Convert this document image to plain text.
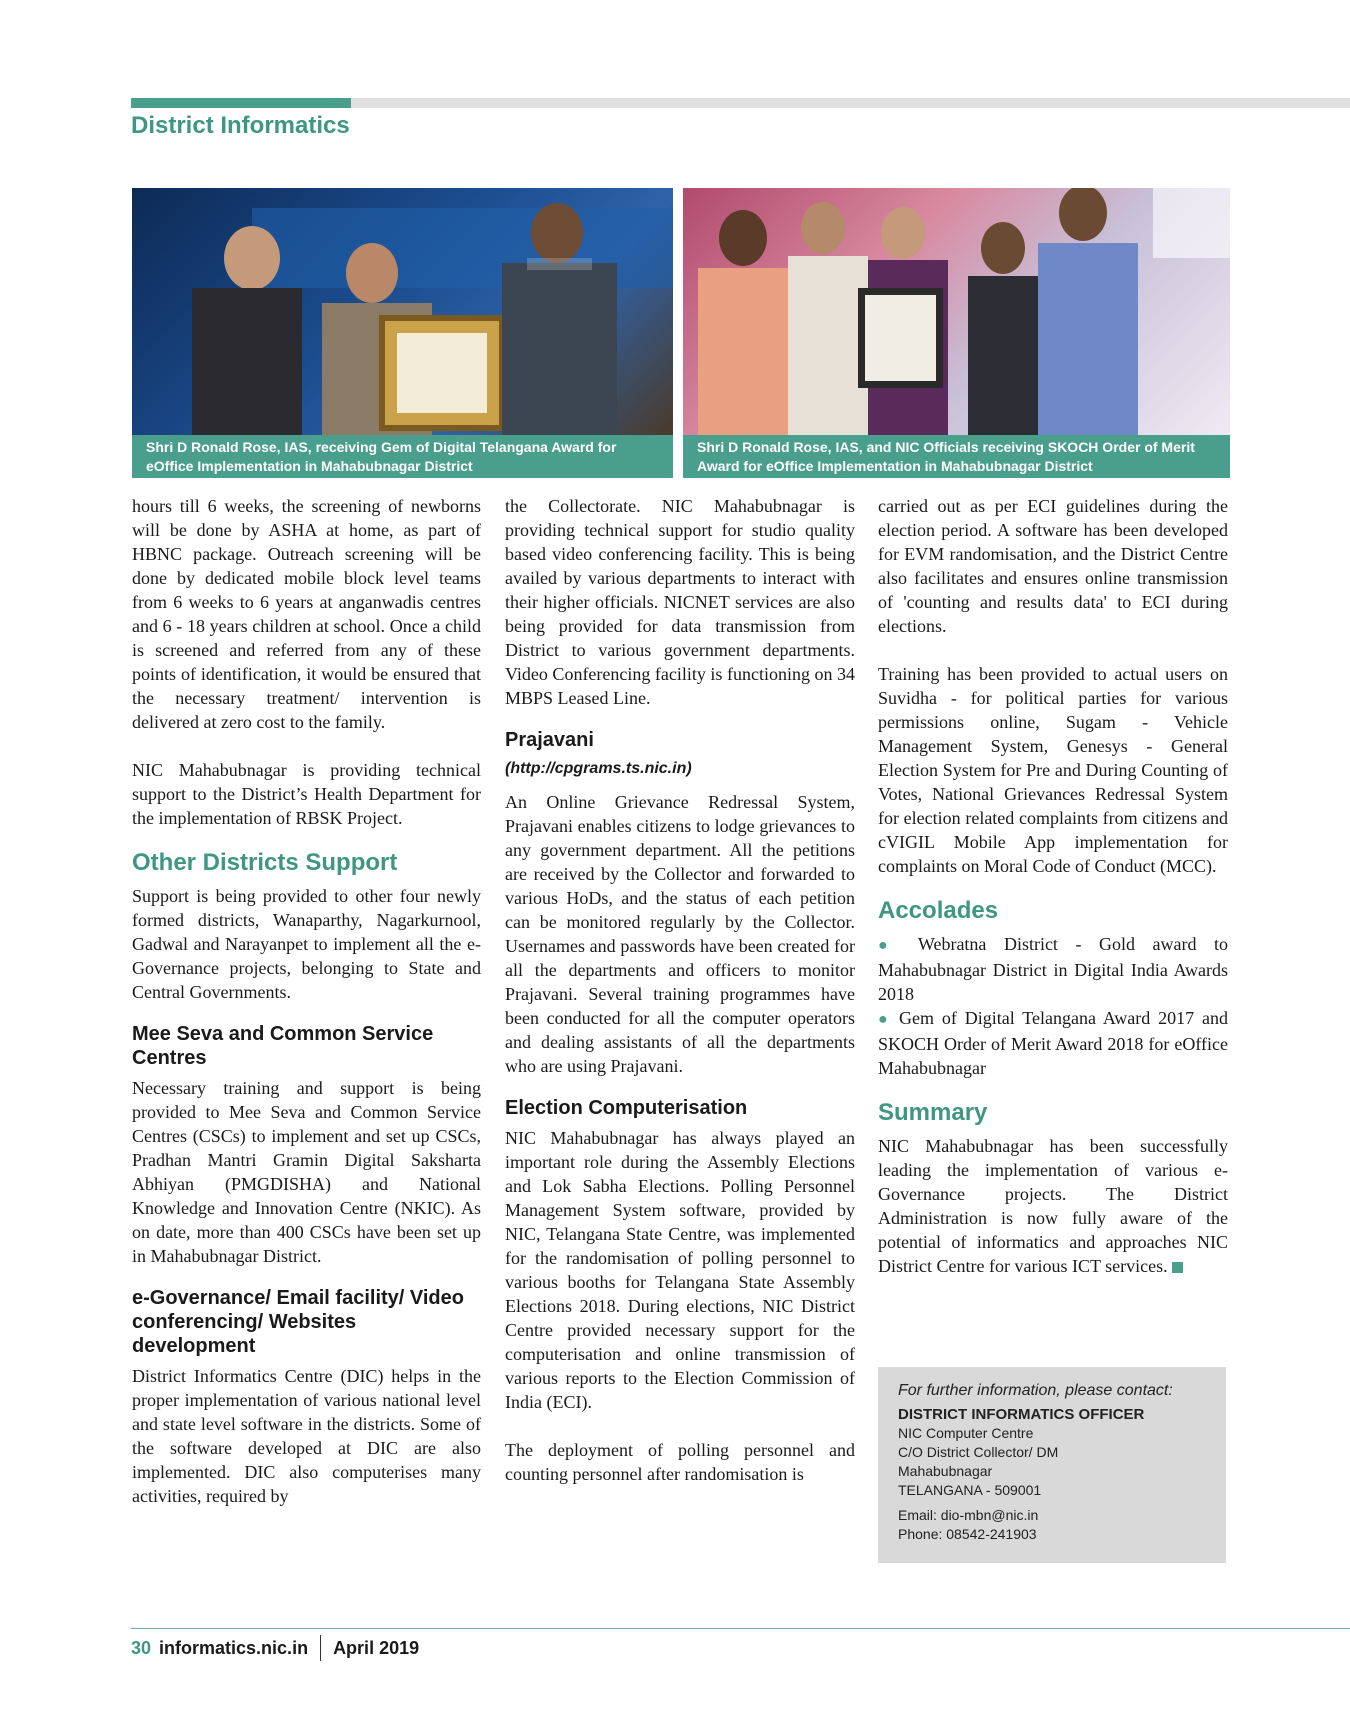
District Informatics
Shri D Ronald Rose, IAS, receiving Gem of Digital Telangana Award for eOffice Implementation in Mahabubnagar District
Shri D Ronald Rose, IAS, and NIC Officials receiving SKOCH Order of Merit Award for eOffice Implementation in Mahabubnagar District

hours till 6 weeks, the screening of newborns will be done by ASHA at home, as part of HBNC package. Outreach screening will be done by dedicated mobile block level teams from 6 weeks to 6 years at anganwadis centres and 6 - 18 years children at school. Once a child is screened and referred from any of these points of identification, it would be ensured that the necessary treatment/ intervention is delivered at zero cost to the family.

NIC Mahabubnagar is providing technical support to the District’s Health Department for the implementation of RBSK Project.

Other Districts Support

Support is being provided to other four newly formed districts, Wanaparthy, Nagarkurnool, Gadwal and Narayanpet to implement all the e-Governance projects, belonging to State and Central Governments.

Mee Seva and Common Service Centres

Necessary training and support is being provided to Mee Seva and Common Service Centres (CSCs) to implement and set up CSCs, Pradhan Mantri Gramin Digital Saksharta Abhiyan (PMGDISHA) and National Knowledge and Innovation Centre (NKIC). As on date, more than 400 CSCs have been set up in Mahabubnagar District.

e-Governance/ Email facility/ Video conferencing/ Websites development

District Informatics Centre (DIC) helps in the proper implementation of various national level and state level software in the districts. Some of the software developed at DIC are also implemented. DIC also computerises many activities, required by

the Collectorate. NIC Mahabubnagar is providing technical support for studio quality based video conferencing facility. This is being availed by various departments to interact with their higher officials. NICNET services are also being provided for data transmission from District to various government departments. Video Conferencing facility is functioning on 34 MBPS Leased Line.

Prajavani
(http://cpgrams.ts.nic.in)

An Online Grievance Redressal System, Prajavani enables citizens to lodge grievances to any government department. All the petitions are received by the Collector and forwarded to various HoDs, and the status of each petition can be monitored regularly by the Collector. Usernames and passwords have been created for all the departments and officers to monitor Prajavani. Several training programmes have been conducted for all the computer operators and dealing assistants of all the departments who are using Prajavani.

Election Computerisation

NIC Mahabubnagar has always played an important role during the Assembly Elections and Lok Sabha Elections. Polling Personnel Management System software, provided by NIC, Telangana State Centre, was implemented for the randomisation of polling personnel to various booths for Telangana State Assembly Elections 2018. During elections, NIC District Centre provided necessary support for the computerisation and online transmission of various reports to the Election Commission of India (ECI).

The deployment of polling personnel and counting personnel after randomisation is

carried out as per ECI guidelines during the election period. A software has been developed for EVM randomisation, and the District Centre also facilitates and ensures online transmission of 'counting and results data' to ECI during elections.

Training has been provided to actual users on Suvidha - for political parties for various permissions online, Sugam - Vehicle Management System, Genesys - General Election System for Pre and During Counting of Votes, National Grievances Redressal System for election related complaints from citizens and cVIGIL Mobile App implementation for complaints on Moral Code of Conduct (MCC).

Accolades

● Webratna District - Gold award to Mahabubnagar District in Digital India Awards 2018

● Gem of Digital Telangana Award 2017 and SKOCH Order of Merit Award 2018 for eOffice Mahabubnagar

Summary

NIC Mahabubnagar has been successfully leading the implementation of various e-Governance projects. The District Administration is now fully aware of the potential of informatics and approaches NIC District Centre for various ICT services.

For further information, please contact:
DISTRICT INFORMATICS OFFICER
NIC Computer Centre
C/O District Collector/ DM
Mahabubnagar
TELANGANA - 509001
Email: dio-mbn@nic.in
Phone: 08542-241903
30 informatics.nic.in April 2019
